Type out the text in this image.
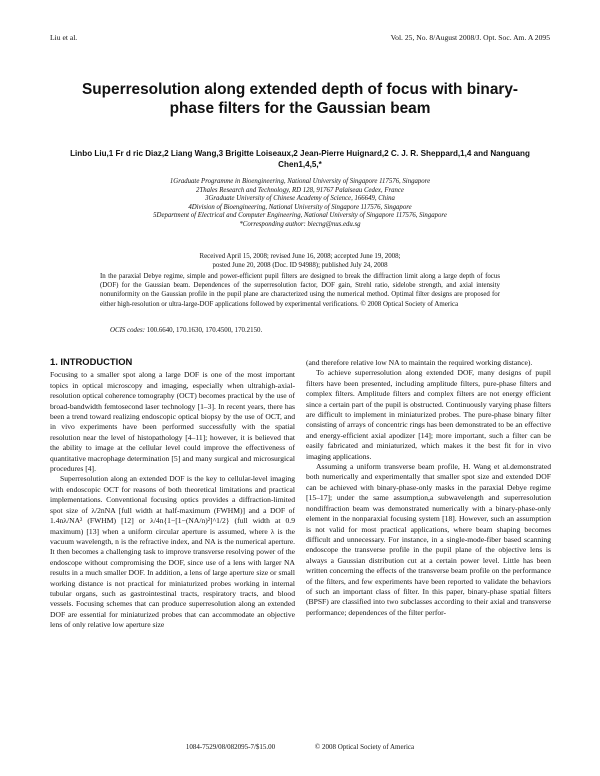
Liu et al.	Vol. 25, No. 8/August 2008/J. Opt. Soc. Am. A 2095
Superresolution along extended depth of focus with binary-phase filters for the Gaussian beam
Linbo Liu,1 Fr d ric Diaz,2 Liang Wang,3 Brigitte Loiseaux,2 Jean-Pierre Huignard,2 C. J. R. Sheppard,1,4 and Nanguang Chen1,4,5,*
1Graduate Programme in Bioengineering, National University of Singapore 117576, Singapore
2Thales Research and Technology, RD 128, 91767 Palaiseau Cedex, France
3Graduate University of Chinese Academy of Science, 166649, China
4Division of Bioengineering, National University of Singapore 117576, Singapore
5Department of Electrical and Computer Engineering, National University of Singapore 117576, Singapore
*Corresponding author: biecng@nus.edu.sg
Received April 15, 2008; revised June 16, 2008; accepted June 19, 2008;
posted June 20, 2008 (Doc. ID 94988); published July 24, 2008
In the paraxial Debye regime, simple and power-efficient pupil filters are designed to break the diffraction limit along a large depth of focus (DOF) for the Gaussian beam. Dependences of the superresolution factor, DOF gain, Strehl ratio, sidelobe strength, and axial intensity nonuniformity on the Gaussian profile in the pupil plane are characterized using the numerical method. Optimal filter designs are proposed for either high-resolution or ultra-large-DOF applications followed by experimental verifications. © 2008 Optical Society of America
OCIS codes: 100.6640, 170.1630, 170.4500, 170.2150.
1. INTRODUCTION

Focusing to a smaller spot along a large DOF is one of the most important topics in optical microscopy and imaging, especially when ultrahigh-axial-resolution optical coherence tomography (OCT) becomes practical by the use of broad-bandwidth femtosecond laser technology [1–3]. In recent years, there has been a trend toward realizing endoscopic optical biopsy by the use of OCT, and in vivo experiments have been performed successfully with the spatial resolution near the level of histopathology [4–11]; however, it is believed that the ability to image at the cellular level could improve the effectiveness of quantitative macrophage determination [5] and many surgical and microsurgical procedures [4].

Superresolution along an extended DOF is the key to cellular-level imaging with endoscopic OCT for reasons of both theoretical limitations and practical implementations. Conventional focusing optics provides a diffraction-limited spot size of λ/2nNA [full width at half-maximum (FWHM)] and a DOF of 1.4nλ/NA² (FWHM) [12] or λ/4n{1−[1−(NA/n)²]^1/2} (full width at 0.9 maximum) [13] when a uniform circular aperture is assumed, where λ is the vacuum wavelength, n is the refractive index, and NA is the numerical aperture. It then becomes a challenging task to improve transverse resolving power of the endoscope without compromising the DOF, since use of a lens with larger NA results in a much smaller DOF. In addition, a lens of large aperture size or small working distance is not practical for miniaturized probes working in internal tubular organs, such as gastrointestinal tracts, respiratory tracts, and blood vessels. Focusing schemes that can produce superresolution along an extended DOF are essential for miniaturized probes that can accommodate an objective lens of only relative low aperture size

(and therefore relative low NA to maintain the required working distance).

To achieve superresolution along extended DOF, many designs of pupil filters have been presented, including amplitude filters, pure-phase filters and complex filters. Amplitude filters and complex filters are not energy efficient since a certain part of the pupil is obstructed. Continuously varying phase filters are difficult to implement in miniaturized probes. The pure-phase binary filter consisting of arrays of concentric rings has been demonstrated to be an effective and energy-efficient axial apodizer [14]; more important, such a filter can be easily fabricated and miniaturized, which makes it the best fit for in vivo imaging applications.

Assuming a uniform transverse beam profile, H. Wang et al.demonstrated both numerically and experimentally that smaller spot size and extended DOF can be achieved with binary-phase-only masks in the paraxial Debye regime [15–17]; under the same assumption,a subwavelength and superresolution nondiffraction beam was demonstrated numerically with a binary-phase-only element in the nonparaxial focusing system [18]. However, such an assumption is not valid for most practical applications, where beam shaping becomes difficult and unnecessary. For instance, in a single-mode-fiber based scanning endoscope the transverse profile in the pupil plane of the objective lens is always a Gaussian distribution cut at a certain power level. Little has been written concerning the effects of the transverse beam profile on the performance of the filters, and few experiments have been reported to validate the behaviors of such an important class of filter. In this paper, binary-phase spatial filters (BPSF) are classified into two subclasses according to their axial and transverse performance; dependences of the filter perfor-

1084-7529/08/082095-7/$15.00	© 2008 Optical Society of America
